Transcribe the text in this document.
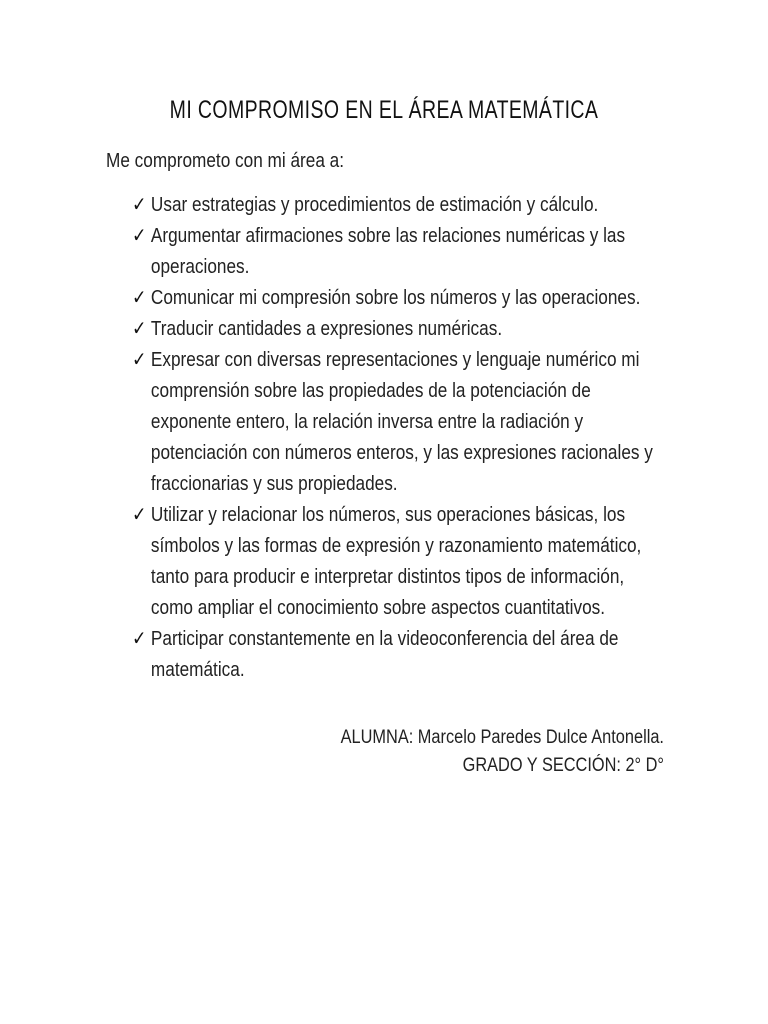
MI COMPROMISO EN EL ÁREA MATEMÁTICA
Me comprometo con mi área a:
✓ Usar estrategias y procedimientos de estimación y cálculo.
✓ Argumentar afirmaciones sobre las relaciones numéricas y las
operaciones.
✓ Comunicar mi compresión sobre los números y las operaciones.
✓ Traducir cantidades a expresiones numéricas.
✓ Expresar con diversas representaciones y lenguaje numérico mi
comprensión sobre las propiedades de la potenciación de
exponente entero, la relación inversa entre la radiación y
potenciación con números enteros, y las expresiones racionales y
fraccionarias y sus propiedades.
✓ Utilizar y relacionar los números, sus operaciones básicas, los
símbolos y las formas de expresión y razonamiento matemático,
tanto para producir e interpretar distintos tipos de información,
como ampliar el conocimiento sobre aspectos cuantitativos.
✓ Participar constantemente en la videoconferencia del área de
matemática.
ALUMNA: Marcelo Paredes Dulce Antonella.
GRADO Y SECCIÓN: 2° D°
